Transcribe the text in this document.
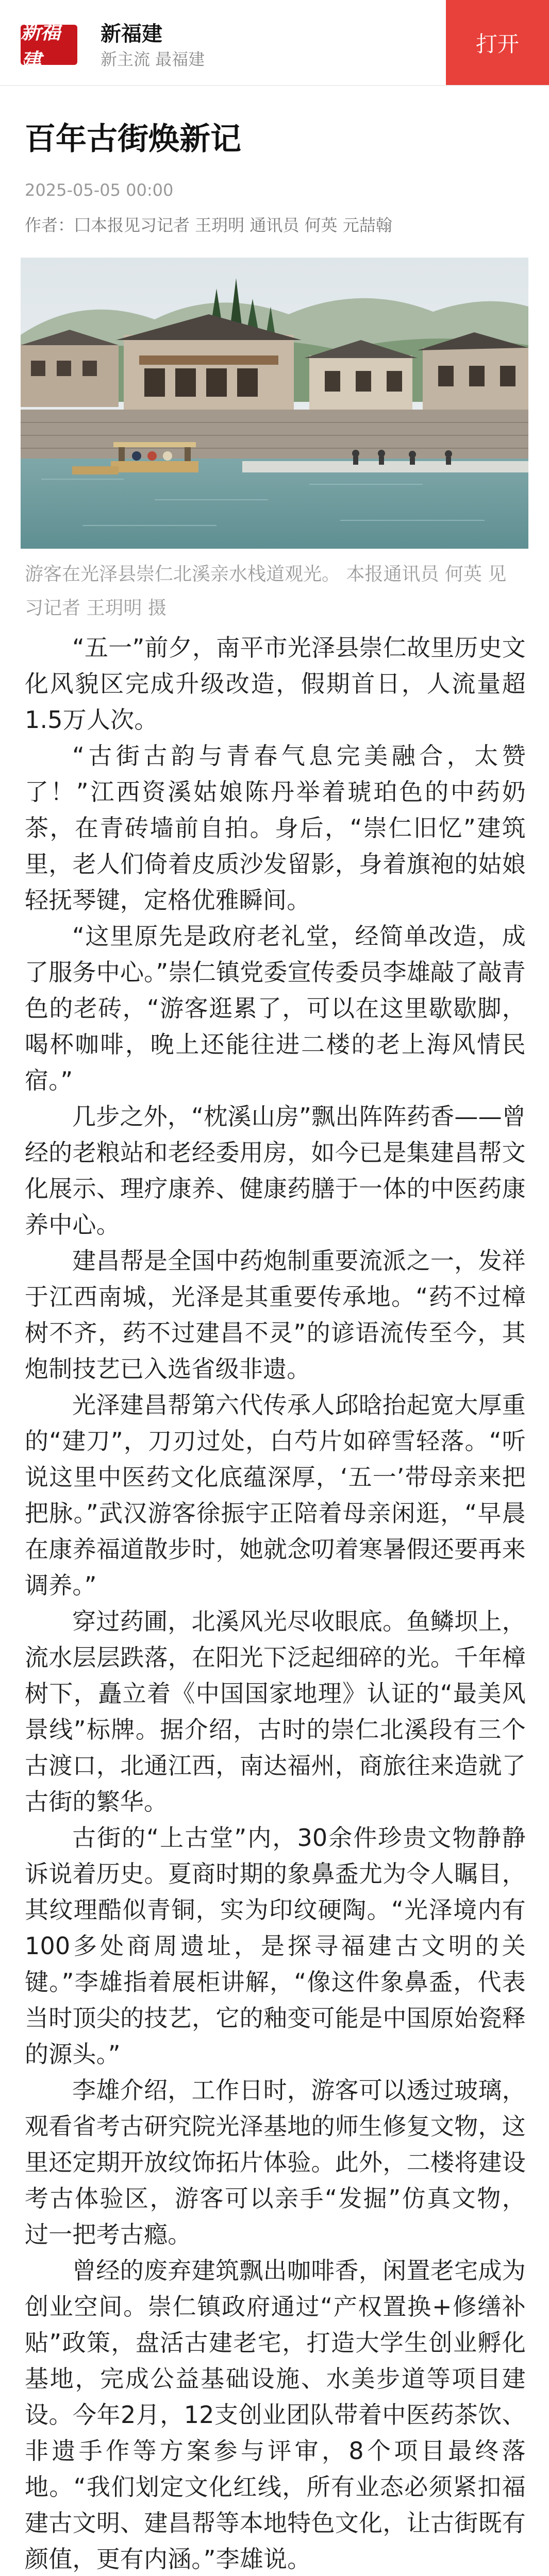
新福建
新福建
新主流 最福建
打开
百年古街焕新记
2025-05-05 00:00
作者：囗本报见习记者 王玥明 通讯员 何英 元喆翰

游客在光泽县崇仁北溪亲水栈道观光。 本报通讯员 何英 见习记者 王玥明 摄

“五一”前夕，南平市光泽县崇仁故里历史文化风貌区完成升级改造，假期首日，人流量超1.5万人次。

“古街古韵与青春气息完美融合，太赞了！”江西资溪姑娘陈丹举着琥珀色的中药奶茶，在青砖墙前自拍。身后，“崇仁旧忆”建筑里，老人们倚着皮质沙发留影，身着旗袍的姑娘轻抚琴键，定格优雅瞬间。

“这里原先是政府老礼堂，经简单改造，成了服务中心。”崇仁镇党委宣传委员李雄敲了敲青色的老砖，“游客逛累了，可以在这里歇歇脚，喝杯咖啡，晚上还能往进二楼的老上海风情民宿。”

几步之外，“枕溪山房”飘出阵阵药香——曾经的老粮站和老经委用房，如今已是集建昌帮文化展示、理疗康养、健康药膳于一体的中医药康养中心。

建昌帮是全国中药炮制重要流派之一，发祥于江西南城，光泽是其重要传承地。“药不过樟树不齐，药不过建昌不灵”的谚语流传至今，其炮制技艺已入选省级非遗。

光泽建昌帮第六代传承人邱晗抬起宽大厚重的“建刀”，刀刃过处，白芍片如碎雪轻落。“听说这里中医药文化底蕴深厚，‘五一’带母亲来把把脉。”武汉游客徐振宇正陪着母亲闲逛，“早晨在康养福道散步时，她就念叨着寒暑假还要再来调养。”

穿过药圃，北溪风光尽收眼底。鱼鳞坝上，流水层层跌落，在阳光下泛起细碎的光。千年樟树下，矗立着《中国国家地理》认证的“最美风景线”标牌。据介绍，古时的崇仁北溪段有三个古渡口，北通江西，南达福州，商旅往来造就了古街的繁华。

古街的“上古堂”内，30余件珍贵文物静静诉说着历史。夏商时期的象鼻盉尤为令人瞩目，其纹理酷似青铜，实为印纹硬陶。“光泽境内有100多处商周遗址，是探寻福建古文明的关键。”李雄指着展柜讲解，“像这件象鼻盉，代表当时顶尖的技艺，它的釉变可能是中国原始瓷释的源头。”

李雄介绍，工作日时，游客可以透过玻璃，观看省考古研究院光泽基地的师生修复文物，这里还定期开放纹饰拓片体验。此外，二楼将建设考古体验区，游客可以亲手“发掘”仿真文物，过一把考古瘾。

曾经的废弃建筑飘出咖啡香，闲置老宅成为创业空间。崇仁镇政府通过“产权置换+修缮补贴”政策，盘活古建老宅，打造大学生创业孵化基地，完成公益基础设施、水美步道等项目建设。今年2月，12支创业团队带着中医药茶饮、非遗手作等方案参与评审，8个项目最终落地。“我们划定文化红线，所有业态必须紧扣福建古文明、建昌帮等本地特色文化，让古街既有颜值，更有内涵。”李雄说。
